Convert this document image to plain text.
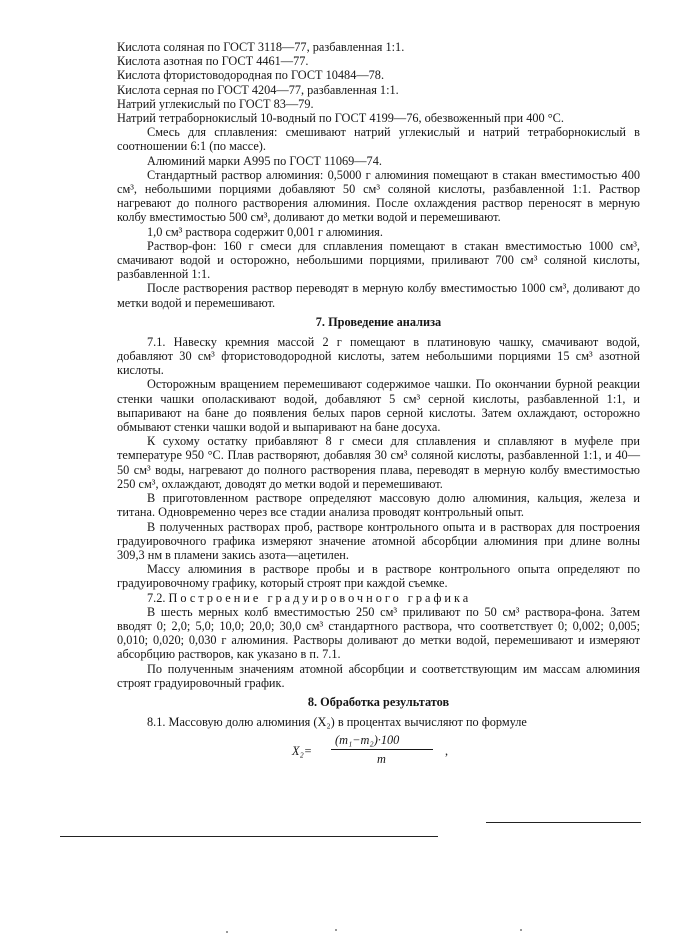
Кислота соляная по ГОСТ 3118—77, разбавленная 1:1.

Кислота азотная по ГОСТ 4461—77.

Кислота фтористоводородная по ГОСТ 10484—78.

Кислота серная по ГОСТ 4204—77, разбавленная 1:1.

Натрий углекислый по ГОСТ 83—79.

Натрий тетраборнокислый 10-водный по ГОСТ 4199—76, обезвоженный при 400 °C.

Смесь для сплавления: смешивают натрий углекислый и натрий тетраборнокислый в соотношении 6:1 (по массе).

Алюминий марки А995 по ГОСТ 11069—74.

Стандартный раствор алюминия: 0,5000 г алюминия помещают в стакан вместимостью 400 см³, небольшими порциями добавляют 50 см³ соляной кислоты, разбавленной 1:1. Раствор нагревают до полного растворения алюминия. После охлаждения раствор переносят в мерную колбу вместимостью 500 см³, доливают до метки водой и перемешивают.

1,0 см³ раствора содержит 0,001 г алюминия.

Раствор-фон: 160 г смеси для сплавления помещают в стакан вместимостью 1000 см³, смачивают водой и осторожно, небольшими порциями, приливают 700 см³ соляной кислоты, разбавленной 1:1.

После растворения раствор переводят в мерную колбу вместимостью 1000 см³, доливают до метки водой и перемешивают.

7. Проведение анализа

7.1. Навеску кремния массой 2 г помещают в платиновую чашку, смачивают водой, добавляют 30 см³ фтористоводородной кислоты, затем небольшими порциями 15 см³ азотной кислоты.

Осторожным вращением перемешивают содержимое чашки. По окончании бурной реакции стенки чашки ополаскивают водой, добавляют 5 см³ серной кислоты, разбавленной 1:1, и выпаривают на бане до появления белых паров серной кислоты. Затем охлаждают, осторожно обмывают стенки чашки водой и выпаривают на бане досуха.

К сухому остатку прибавляют 8 г смеси для сплавления и сплавляют в муфеле при температуре 950 °C. Плав растворяют, добавляя 30 см³ соляной кислоты, разбавленной 1:1, и 40—50 см³ воды, нагревают до полного растворения плава, переводят в мерную колбу вместимостью 250 см³, охлаждают, доводят до метки водой и перемешивают.

В приготовленном растворе определяют массовую долю алюминия, кальция, железа и титана. Одновременно через все стадии анализа проводят контрольный опыт.

В полученных растворах проб, растворе контрольного опыта и в растворах для построения градуировочного графика измеряют значение атомной абсорбции алюминия при длине волны 309,3 нм в пламени закись азота—ацетилен.

Массу алюминия в растворе пробы и в растворе контрольного опыта определяют по градуировочному графику, который строят при каждой съемке.

7.2. Построение градуировочного графика

В шесть мерных колб вместимостью 250 см³ приливают по 50 см³ раствора-фона. Затем вводят 0; 2,0; 5,0; 10,0; 20,0; 30,0 см³ стандартного раствора, что соответствует 0; 0,002; 0,005; 0,010; 0,020; 0,030 г алюминия. Растворы доливают до метки водой, перемешивают и измеряют абсорбцию растворов, как указано в п. 7.1.

По полученным значениям атомной абсорбции и соответствующим им массам алюминия строят градуировочный график.

8. Обработка результатов

8.1. Массовую долю алюминия (X₂) в процентах вычисляют по формуле

X₂=
(m₁−m₂)·100
m
,
